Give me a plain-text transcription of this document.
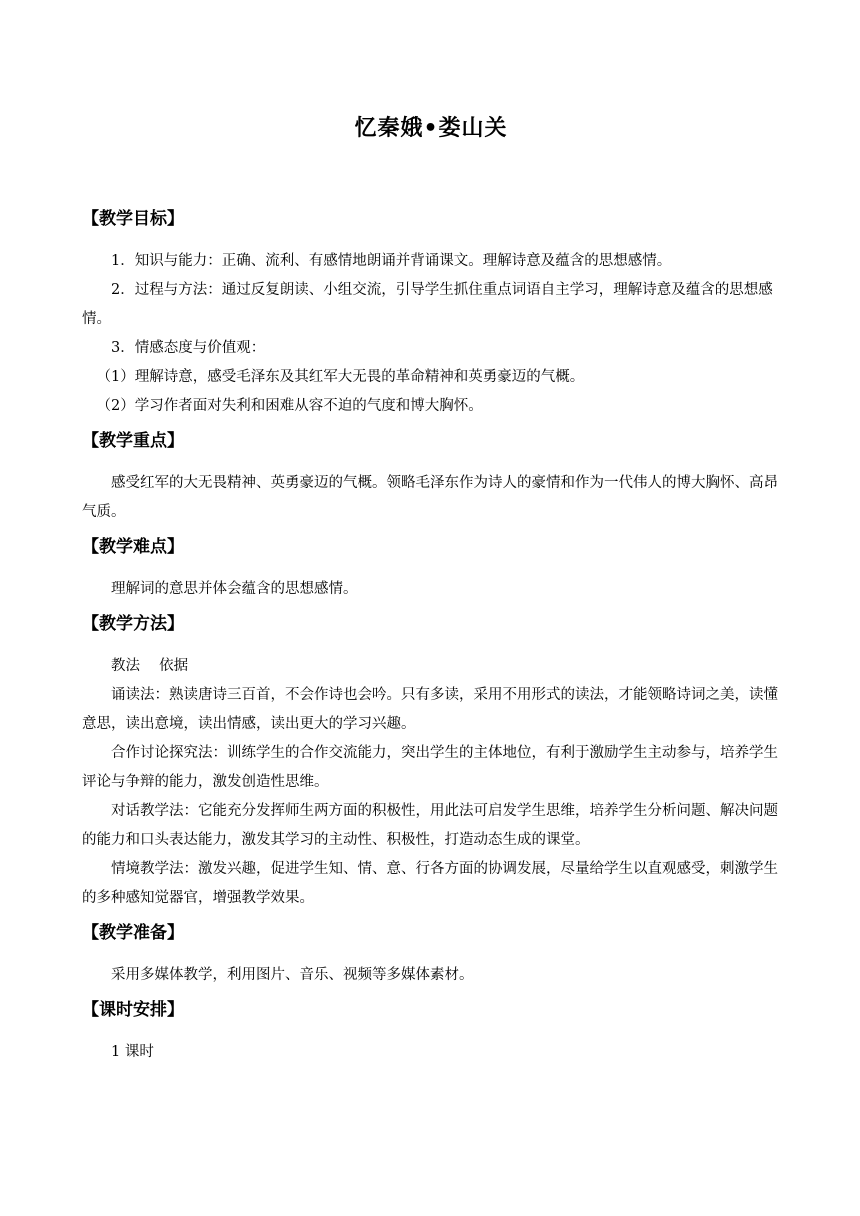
忆秦娥•娄山关
【教学目标】

1．知识与能力：正确、流利、有感情地朗诵并背诵课文。理解诗意及蕴含的思想感情。

2．过程与方法：通过反复朗读、小组交流，引导学生抓住重点词语自主学习，理解诗意及蕴含的思想感情。

3．情感态度与价值观：

（1）理解诗意，感受毛泽东及其红军大无畏的革命精神和英勇豪迈的气概。

（2）学习作者面对失利和困难从容不迫的气度和博大胸怀。

【教学重点】

感受红军的大无畏精神、英勇豪迈的气概。领略毛泽东作为诗人的豪情和作为一代伟人的博大胸怀、高昂气质。

【教学难点】

理解词的意思并体会蕴含的思想感情。

【教学方法】

教法　 依据

诵读法：熟读唐诗三百首，不会作诗也会吟。只有多读，采用不用形式的读法，才能领略诗词之美，读懂意思，读出意境，读出情感，读出更大的学习兴趣。

合作讨论探究法：训练学生的合作交流能力，突出学生的主体地位，有利于激励学生主动参与，培养学生评论与争辩的能力，激发创造性思维。

对话教学法：它能充分发挥师生两方面的积极性，用此法可启发学生思维，培养学生分析问题、解决问题的能力和口头表达能力，激发其学习的主动性、积极性，打造动态生成的课堂。

情境教学法：激发兴趣，促进学生知、情、意、行各方面的协调发展，尽量给学生以直观感受，刺激学生的多种感知觉器官，增强教学效果。

【教学准备】

采用多媒体教学，利用图片、音乐、视频等多媒体素材。

【课时安排】

1 课时
